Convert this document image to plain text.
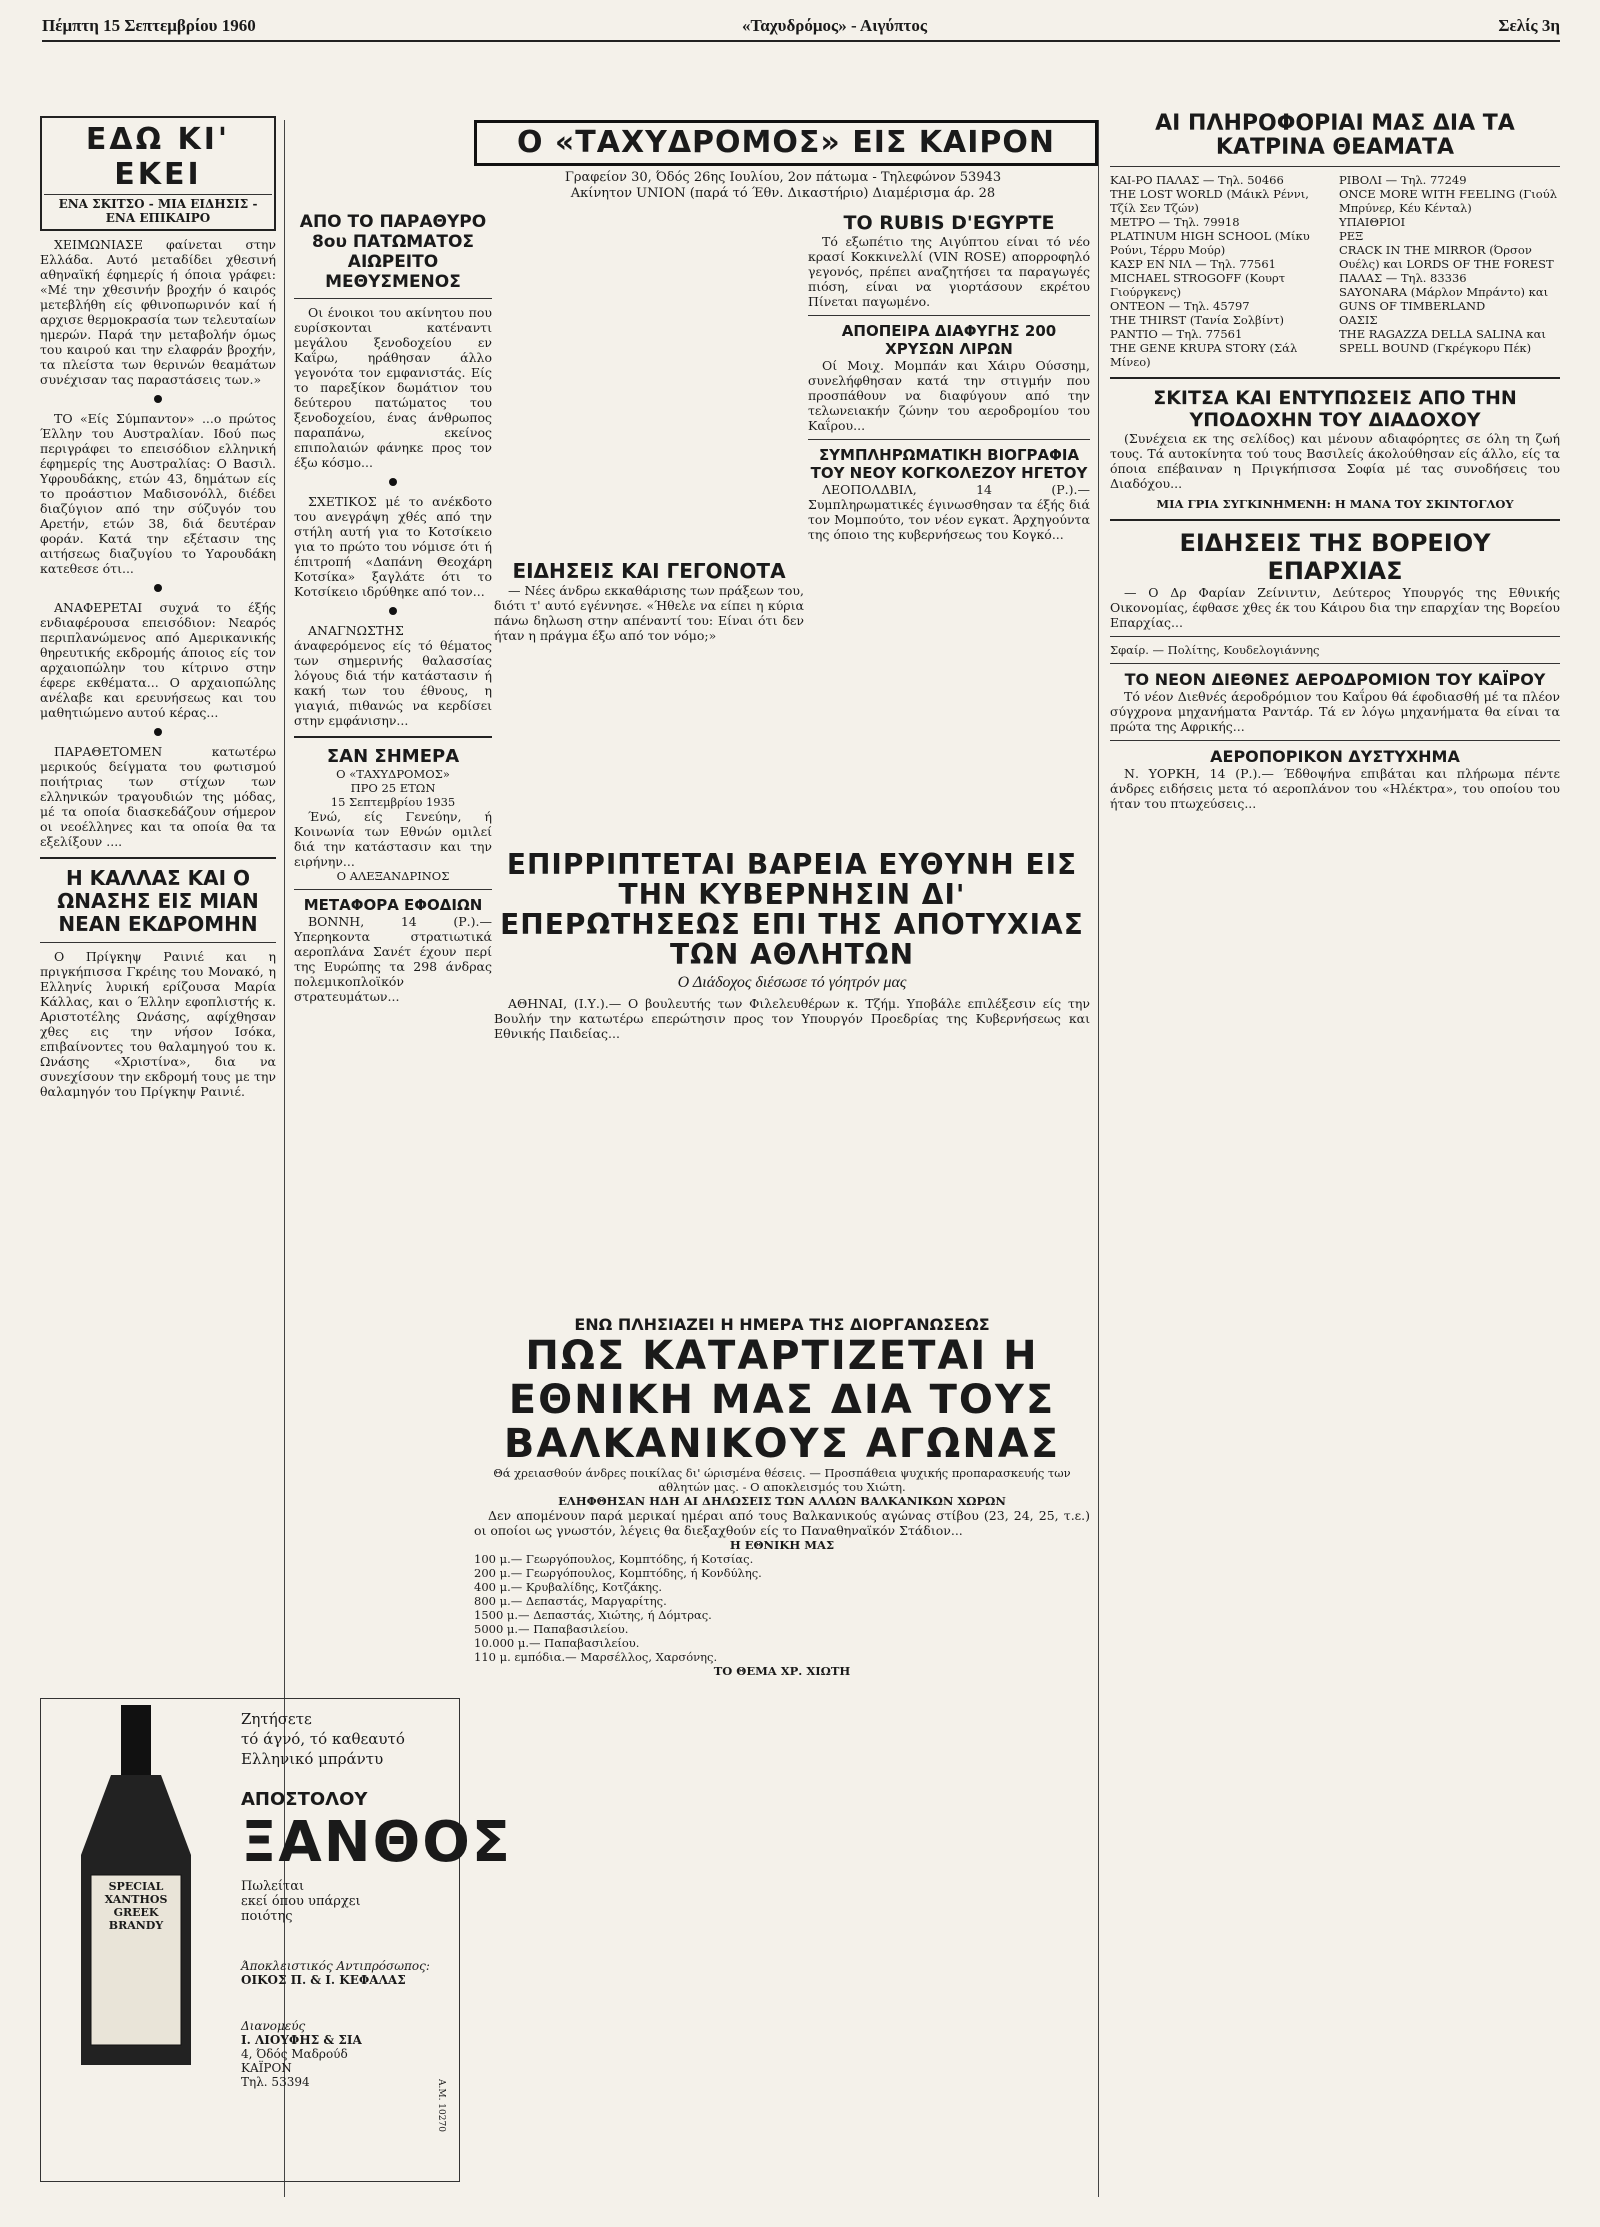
Πέμπτη 15 Σεπτεμβρίου 1960	«Ταχυδρόμος» - Αιγύπτος	Σελίς 3η
ΕΔΩ ΚΙ' ΕΚΕΙ
ΕΝΑ ΣΚΙΤΣΟ - ΜΙΑ ΕΙΔΗΣΙΣ - ΕΝΑ ΕΠΙΚΑΙΡΟ

ΧΕΙΜΩΝΙΑΣΕ φαίνεται στην Ελλάδα. Αυτό μεταδίδει χθεσινή αθηναϊκή έφημερίς ή όποια γράφει: «Μέ την χθεσινήν βροχήν ό καιρός μετεβλήθη είς φθινοπωρινόν καί ή αρχισε θερμοκρασία των τελευταίων ημερών. Παρά την μεταβολήν όμως του καιρού και την ελαφράν βροχήν, τα πλείστα των θερινών θεαμάτων συνέχισαν τας παραστάσεις των.»

ΤΟ «Είς Σύμπαντον» ...ο πρώτος Έλλην του Αυστραλίαν. Ιδού πως περιγράφει το επεισόδιον ελληνική έφημερίς της Αυστραλίας: Ο Βασιλ. Υφρουδάκης, ετών 43, δημάτων είς το προάστιον Μαδισονόλλ, διέδει διαζύγιον από την σύζυγόν του Αρετήν, ετών 38, διά δευτέραν φοράν. Κατά την εξέτασιν της αιτήσεως διαζυγίου το Υαρουδάκη κατεθεσε ότι...

ΑΝΑΦΕΡΕΤΑΙ συχνά το έξής ενδιαφέρουσα επεισόδιον: Νεαρός περιπλανώμενος από Αμερικανικής θηρευτικής εκδρομής άποιος είς τον αρχαιοπώλην του κίτρινο στην έφερε εκθέματα... Ο αρχαιοπώλης ανέλαβε και ερευνήσεως και του μαθητιώμενο αυτού κέρας...

ΠΑΡΑΘΕΤΟΜΕΝ κατωτέρω μερικούς δείγματα του φωτισμού ποιήτριας των στίχων των ελληνικών τραγουδιών της μόδας, μέ τα οποία διασκεδάζουν σήμερον οι νεοέλληνες και τα οποία θα τα εξελίξουν ....

Η ΚΑΛΛΑΣ ΚΑΙ Ο ΩΝΑΣΗΣ ΕΙΣ ΜΙΑΝ ΝΕΑΝ ΕΚΔΡΟΜΗΝ

Ο Πρίγκηψ Ραινιέ και η πριγκήπισσα Γκρέιης του Μονακό, η Ελληνίς λυρική ερίζουσα Μαρία Κάλλας, και ο Έλλην εφοπλιστής κ. Αριστοτέλης Ωνάσης, αφίχθησαν χθες εις την νήσον Ισόκα, επιβαίνοντες του θαλαμηγού του κ. Ωνάσης «Χριστίνα», δια να συνεχίσουν την εκδρομή τους με την θαλαμηγόν του Πρίγκηψ Ραινιέ.

Ο «ΤΑΧΥΔΡΟΜΟΣ» ΕΙΣ ΚΑΙΡΟΝ
Γραφείον 30, Όδός 26ης Ιουλίου, 2ον πάτωμα - Τηλεφώνον 53943
Ακίνητον UNION (παρά τό Έθν. Δικαστήριο) Διαμέρισμα άρ. 28
ΑΠΟ ΤΟ ΠΑΡΑΘΥΡΟ 8ου ΠΑΤΩΜΑΤΟΣ ΑΙΩΡΕΙΤΟ ΜΕΘΥΣΜΕΝΟΣ

Οι ένοικοι του ακίνητου που ευρίσκονται κατέναντι μεγάλου ξενοδοχείου εν Καΐρω, ηράθησαν άλλο γεγονότα τον εμφανιστάς. Είς το παρεξίκον δωμάτιον του δεύτερου πατώματος του ξενοδοχείου, ένας άνθρωπος παραπάνω, εκείνος επιπολαιών φάνηκε προς τον έξω κόσμο...

ΣΧΕΤΙΚΟΣ μέ το ανέκδοτο του ανεγράψη χθές από την στήλη αυτή για το Κοτσίκειο για το πρώτο του νόμισε ότι ή έπιτροπή «Δαπάνη Θεοχάρη Κοτσίκα» ξαγλάτε ότι το Κοτσίκειο ιδρύθηκε από τον...

ΑΝΑΓΝΩΣΤΗΣ άναφερόμενος είς τό θέματος των σημερινής θαλασσίας λόγους διά τήν κατάστασιν ή κακή των του έθνους, η γιαγιά, πιθανώς να κερδίσει στην εμφάνισην...

ΣΑΝ ΣΗΜΕΡΑ
Ο «ΤΑΧΥΔΡΟΜΟΣ»
ΠΡΟ 25 ΕΤΩΝ
15 Σεπτεμβρίου 1935

Ένώ, είς Γενεύην, ή Κοινωνία των Εθνών ομιλεί διά την κατάστασιν και την ειρήνην...

Ο ΑΛΕΞΑΝΔΡΙΝΟΣ
ΜΕΤΑΦΟΡΑ ΕΦΟΔΙΩΝ

ΒΟΝΝΗ, 14 (Ρ.).— Υπερηκοντα στρατιωτικά αεροπλάνα Σανέτ έχουν περί της Ευρώπης τα 298 άνδρας πολεμικοπλοϊκόν στρατευμάτων...

ΤΟ RUBIS D'EGYPTE

Τό εξωπέτιο της Αιγύπτου είναι τό νέο κρασί Κοκκινελλί (VIN ROSE) απορροφηλό γεγονός, πρέπει αναζητήσει τα παραγωγές πιόση, είναι να γιορτάσουν εκρέτου Πίνεται παγωμένο.

ΑΠΟΠΕΙΡΑ ΔΙΑΦΥΓΗΣ 200 ΧΡΥΣΩΝ ΛΙΡΩΝ

Οί Μοιχ. Μομπάν και Χάιρυ Ούσσημ, συνελήφθησαν κατά την στιγμήν που προσπάθουν να διαφύγουν από την τελωνειακήν ζώνην του αεροδρομίου του Καΐρου...

ΣΥΜΠΛΗΡΩΜΑΤΙΚΗ ΒΙΟΓΡΑΦΙΑ ΤΟΥ ΝΕΟΥ ΚΟΓΚΟΛΕΖΟΥ ΗΓΕΤΟΥ

ΛΕΟΠΟΛΔΒΙΛ, 14 (Ρ.).— Συμπληρωματικές έγινωσθησαν τα έξής διά τον Μομπούτο, τον νέον εγκατ. Άρχηγούντα της όποιο της κυβερνήσεως του Κογκό...

ΕΙΔΗΣΕΙΣ ΚΑΙ ΓΕΓΟΝΟΤΑ

— Νέες άνδρω εκκαθάρισης των πράξεων του, διότι τ' αυτό εγέννησε. «Ήθελε να είπει η κύρια πάνω δηλωση στην απέναντί του: Είναι ότι δεν ήταν η πράγμα έξω από τον νόμο;»

ΕΠΙΡΡΙΠΤΕΤΑΙ ΒΑΡΕΙΑ ΕΥΘΥΝΗ ΕΙΣ ΤΗΝ ΚΥΒΕΡΝΗΣΙΝ ΔΙ' ΕΠΕΡΩΤΗΣΕΩΣ ΕΠΙ ΤΗΣ ΑΠΟΤΥΧΙΑΣ ΤΩΝ ΑΘΛΗΤΩΝ
Ο Διάδοχος διέσωσε τό γόητρόν μας

ΑΘΗΝΑΙ, (Ι.Υ.).— Ο βουλευτής των Φιλελευθέρων κ. Τζήμ. Υποβάλε επιλέξεσιν είς την Βουλήν την κατωτέρω επερώτησιν προς τον Υπουργόν Προεδρίας της Κυβερνήσεως και Εθνικής Παιδείας...

ΕΝΩ ΠΛΗΣΙΑΖΕΙ Η ΗΜΕΡΑ ΤΗΣ ΔΙΟΡΓΑΝΩΣΕΩΣ
ΠΩΣ ΚΑΤΑΡΤΙΖΕΤΑΙ Η ΕΘΝΙΚΗ ΜΑΣ ΔΙΑ ΤΟΥΣ ΒΑΛΚΑΝΙΚΟΥΣ ΑΓΩΝΑΣ
Θά χρειασθούν άνδρες ποικίλας δι' ώρισμένα θέσεις. — Προσπάθεια ψυχικής προπαρασκευής των αθλητών μας. - Ο αποκλεισμός του Χιώτη.
ΕΛΗΦΘΗΣΑΝ ΗΔΗ ΑΙ ΔΗΛΩΣΕΙΣ ΤΩΝ ΑΛΛΩΝ ΒΑΛΚΑΝΙΚΩΝ ΧΩΡΩΝ

Δεν απομένουν παρά μερικαί ημέραι από τους Βαλκανικούς αγώνας στίβου (23, 24, 25, τ.ε.) οι οποίοι ως γνωστόν, λέγεις θα διεξαχθούν είς το Παναθηναϊκόν Στάδιον...

Η ΕΘΝΙΚΗ ΜΑΣ
100 μ.— Γεωργόπουλος, Κομπτόδης, ή Κοτσίας.
200 μ.— Γεωργόπουλος, Κομπτόδης, ή Κονδύλης.
400 μ.— Κρυβαλίδης, Κοτζάκης.
800 μ.— Δεπαστάς, Μαργαρίτης.
1500 μ.— Δεπαστάς, Χιώτης, ή Δόμτρας.
5000 μ.— Παπαβασιλείου.
10.000 μ.— Παπαβασιλείου.
110 μ. εμπόδια.— Μαρσέλλος, Χαρσόνης.
ΤΟ ΘΕΜΑ ΧΡ. ΧΙΩΤΗ
SPECIAL
XANTHOS
GREEK
BRANDY
Ζητήσετε
τό άγνό, τό καθεαυτό
Ελληνικό μπράντυ
ΑΠΟΣΤΟΛΟΥ
ΞΑΝΘΟΣ
Πωλείται
εκεί όπου υπάρχει
ποιότης
Άποκλειστικός Αντιπρόσωπος:
ΟΙΚΟΣ Π. & Ι. ΚΕΦΑΛΑΣ
Διανομεύς
Ι. ΛΙΟΥΦΗΣ & ΣΙΑ
4, Όδός Μαδρούδ
ΚΑΪΡΟΝ
Τηλ. 53394	Α.Μ. 10270
ΑΙ ΠΛΗΡΟΦΟΡΙΑΙ ΜΑΣ ΔΙΑ ΤΑ ΚΑΤΡΙΝΑ ΘΕΑΜΑΤΑ
ΚΑΙ-ΡΟ ΠΑΛΑΣ — Τηλ. 50466
THE LOST WORLD (Μάικλ Ρέννι, Τζίλ Σεν Τζών)
ΜΕΤΡΟ — Τηλ. 79918
PLATINUM HIGH SCHOOL (Μίκυ Ρούνι, Τέρρυ Μούρ)
ΚΑΣΡ ΕΝ ΝΙΛ — Τηλ. 77561
MICHAEL STROGOFF (Κουρτ Γιούργκενς)
ΟΝΤΕΟΝ — Τηλ. 45797
THE THIRST (Τανία Σολβίντ)
ΡΑΝΤΙΟ — Τηλ. 77561
THE GENE KRUPA STORY (Σάλ Μίνεο)
ΡΙΒΟΛΙ — Τηλ. 77249
ONCE MORE WITH FEELING (Γιούλ Μπρύνερ, Κέυ Κένταλ)
ΥΠΑΙΘΡΙΟΙ
ΡΕΞ
CRACK IN THE MIRROR (Όρσον Ουέλς) και LORDS OF THE FOREST
ΠΑΛΑΣ — Τηλ. 83336
SAYONARA (Μάρλον Μπράντο) και GUNS OF TIMBERLAND
ΟΑΣΙΣ
THE RAGAZZA DELLA SALINA και SPELL BOUND (Γκρέγκορυ Πέκ)
ΣΚΙΤΣΑ ΚΑΙ ΕΝΤΥΠΩΣΕΙΣ ΑΠΟ ΤΗΝ ΥΠΟΔΟΧΗΝ ΤΟΥ ΔΙΑΔΟΧΟΥ

(Συνέχεια εκ της σελίδος) και μένουν αδιαφόρητες σε όλη τη ζωή τους. Τά αυτοκίνητα τού τους Βασιλείς άκολούθησαν είς άλλο, είς τα όποια επέβαιναν η Πριγκήπισσα Σοφία μέ τας συνοδήσεις του Διαδόχου...

ΜΙΑ ΓΡΙΑ ΣΥΓΚΙΝΗΜΕΝΗ: Η ΜΑΝΑ ΤΟΥ ΣΚΙΝΤΟΓΛΟΥ
ΕΙΔΗΣΕΙΣ ΤΗΣ ΒΟΡΕΙΟΥ ΕΠΑΡΧΙΑΣ

— Ο Δρ Φαρίαν Ζείνιντιν, Δεύτερος Υπουργός της Εθνικής Οικονομίας, έφθασε χθες έκ του Κάιρου δια την επαρχίαν της Βορείου Επαρχίας...

Σφαίρ. — Πολίτης, Κουδελογιάννης
ΤΟ ΝΕΟΝ ΔΙΕΘΝΕΣ ΑΕΡΟΔΡΟΜΙΟΝ ΤΟΥ ΚΑΪΡΟΥ

Τό νέον Διεθνές άεροδρόμιον του Καΐρου θά έφοδιασθή μέ τα πλέον σύγχρονα μηχανήματα Ραντάρ. Τά εν λόγω μηχανήματα θα είναι τα πρώτα της Αφρικής...

ΑΕΡΟΠΟΡΙΚΟΝ ΔΥΣΤΥΧΗΜΑ

Ν. ΥΟΡΚΗ, 14 (Ρ.).— Έδθοψήνα επιβάται και πλήρωμα πέντε άνδρες ειδήσεις μετα τό αεροπλάνον του «Ηλέκτρα», του οποίου του ήταν του πτωχεύσεις...
